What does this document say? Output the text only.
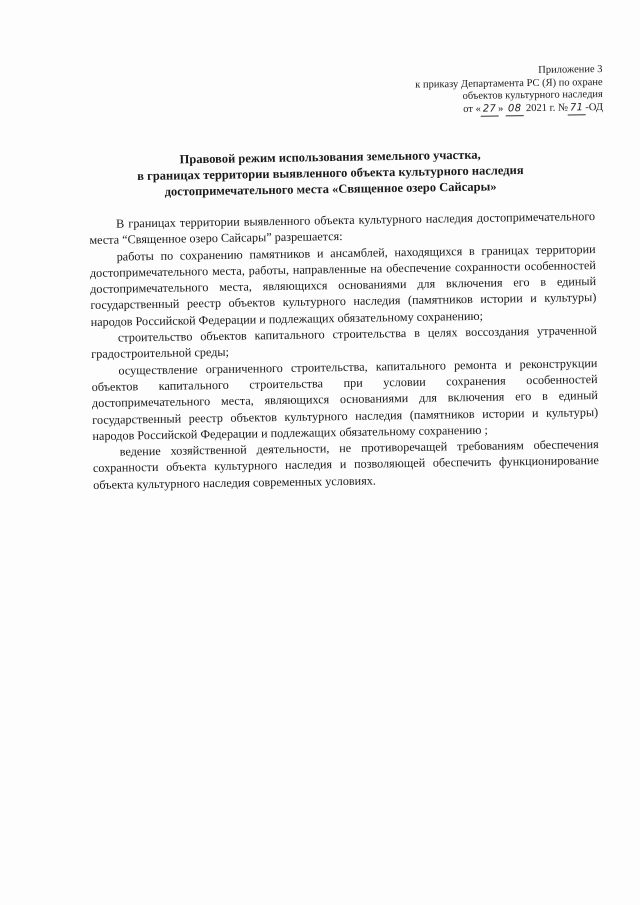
Приложение 3
к приказу Департамента РС (Я) по охране
объектов культурного наследия
от « 27 » 08 2021 г. № 71 -ОД
Правовой режим использования земельного участка,
в границах территории выявленного объекта культурного наследия
достопримечательного места «Священное озеро Сайсары»

В границах территории выявленного объекта культурного наследия достопримечательного места “Священное озеро Сайсары” разрешается:

работы по сохранению памятников и ансамблей, находящихся в границах территории достопримечательного места, работы, направленные на обеспечение сохранности особенностей достопримечательного места, являющихся основаниями для включения его в единый государственный реестр объектов культурного наследия (памятников истории и культуры) народов Российской Федерации и подлежащих обязательному сохранению;

строительство объектов капитального строительства в целях воссоздания утраченной градостроительной среды;

осуществление ограниченного строительства, капитального ремонта и реконструкции объектов капитального строительства при условии сохранения особенностей достопримечательного места, являющихся основаниями для включения его в единый государственный реестр объектов культурного наследия (памятников истории и культуры) народов Российской Федерации и подлежащих обязательному сохранению ;

ведение хозяйственной деятельности, не противоречащей требованиям обеспечения сохранности объекта культурного наследия и позволяющей обеспечить функционирование объекта культурного наследия современных условиях.
